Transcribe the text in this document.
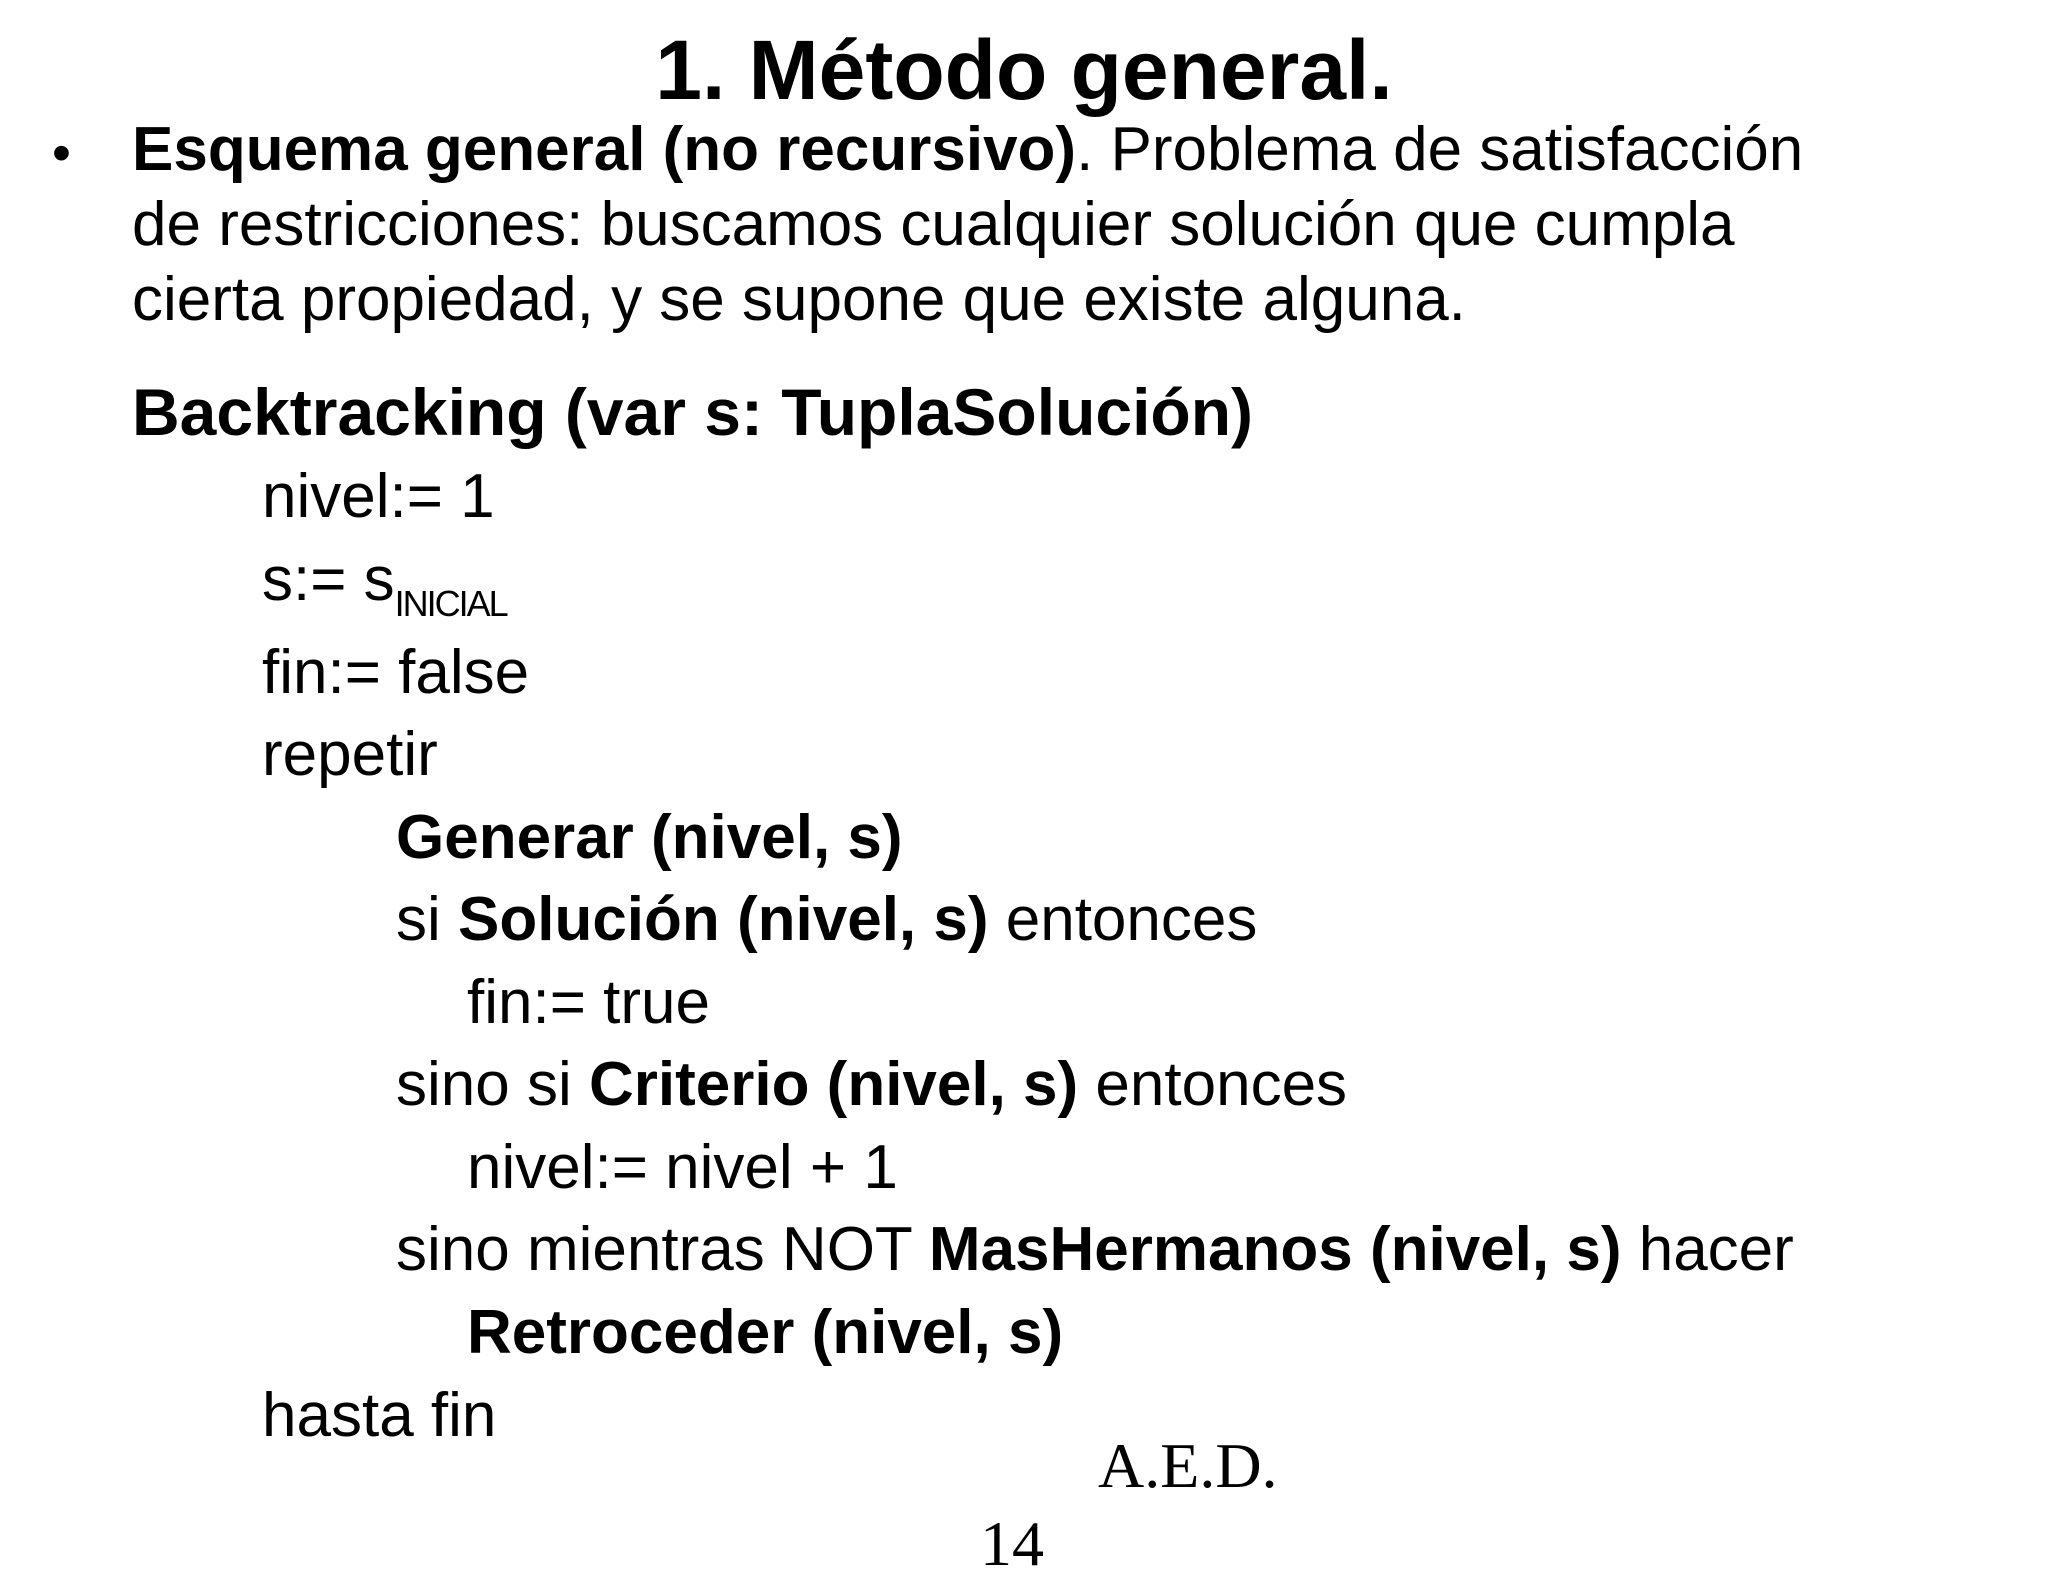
1. Método general.
• Esquema general (no recursivo). Problema de satisfacción
de restricciones: buscamos cualquier solución que cumpla
cierta propiedad, y se supone que existe alguna.
Backtracking (var s: TuplaSolución)
nivel:= 1
s:= $s_{INICIAL}$
fin:= false
repetir
Generar (nivel, s)
si Solución (nivel, s) entonces
fin:= true
sino si Criterio (nivel, s) entonces
nivel:= nivel + 1
sino mientras NOT MasHermanos (nivel, s) hacer
Retroceder (nivel, s)
hasta fin
A.E.D.
14
